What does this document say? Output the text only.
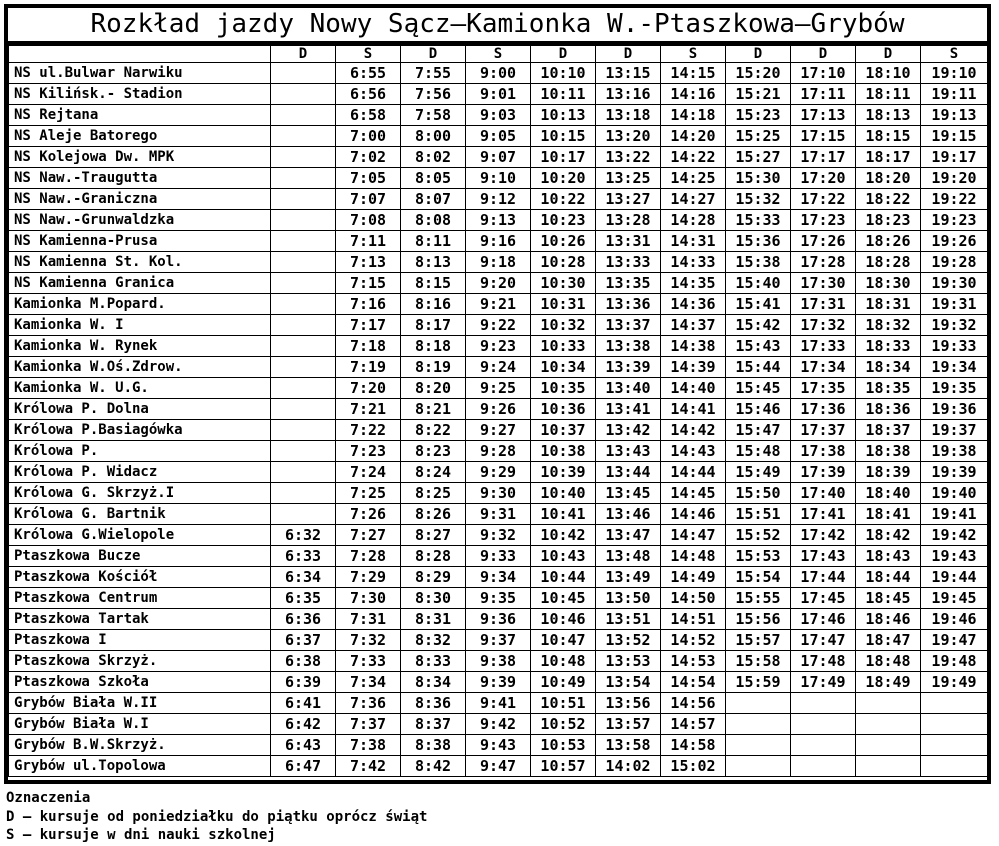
Rozkład jazdy Nowy Sącz–Kamionka W.-Ptaszkowa–Grybów
	D	S	D	S	D	D	S	D	D	D	S
NS ul.Bulwar Narwiku		6:55	7:55	9:00	10:10	13:15	14:15	15:20	17:10	18:10	19:10
NS Kilińsk.- Stadion		6:56	7:56	9:01	10:11	13:16	14:16	15:21	17:11	18:11	19:11
NS Rejtana		6:58	7:58	9:03	10:13	13:18	14:18	15:23	17:13	18:13	19:13
NS Aleje Batorego		7:00	8:00	9:05	10:15	13:20	14:20	15:25	17:15	18:15	19:15
NS Kolejowa Dw. MPK		7:02	8:02	9:07	10:17	13:22	14:22	15:27	17:17	18:17	19:17
NS Naw.-Traugutta		7:05	8:05	9:10	10:20	13:25	14:25	15:30	17:20	18:20	19:20
NS Naw.-Graniczna		7:07	8:07	9:12	10:22	13:27	14:27	15:32	17:22	18:22	19:22
NS Naw.-Grunwaldzka		7:08	8:08	9:13	10:23	13:28	14:28	15:33	17:23	18:23	19:23
NS Kamienna-Prusa		7:11	8:11	9:16	10:26	13:31	14:31	15:36	17:26	18:26	19:26
NS Kamienna St. Kol.		7:13	8:13	9:18	10:28	13:33	14:33	15:38	17:28	18:28	19:28
NS Kamienna Granica		7:15	8:15	9:20	10:30	13:35	14:35	15:40	17:30	18:30	19:30
Kamionka M.Popard.		7:16	8:16	9:21	10:31	13:36	14:36	15:41	17:31	18:31	19:31
Kamionka W. I		7:17	8:17	9:22	10:32	13:37	14:37	15:42	17:32	18:32	19:32
Kamionka W. Rynek		7:18	8:18	9:23	10:33	13:38	14:38	15:43	17:33	18:33	19:33
Kamionka W.Oś.Zdrow.		7:19	8:19	9:24	10:34	13:39	14:39	15:44	17:34	18:34	19:34
Kamionka W. U.G.		7:20	8:20	9:25	10:35	13:40	14:40	15:45	17:35	18:35	19:35
Królowa P. Dolna		7:21	8:21	9:26	10:36	13:41	14:41	15:46	17:36	18:36	19:36
Królowa P.Basiagówka		7:22	8:22	9:27	10:37	13:42	14:42	15:47	17:37	18:37	19:37
Królowa P.		7:23	8:23	9:28	10:38	13:43	14:43	15:48	17:38	18:38	19:38
Królowa P. Widacz		7:24	8:24	9:29	10:39	13:44	14:44	15:49	17:39	18:39	19:39
Królowa G. Skrzyż.I		7:25	8:25	9:30	10:40	13:45	14:45	15:50	17:40	18:40	19:40
Królowa G. Bartnik		7:26	8:26	9:31	10:41	13:46	14:46	15:51	17:41	18:41	19:41
Królowa G.Wielopole	6:32	7:27	8:27	9:32	10:42	13:47	14:47	15:52	17:42	18:42	19:42
Ptaszkowa Bucze	6:33	7:28	8:28	9:33	10:43	13:48	14:48	15:53	17:43	18:43	19:43
Ptaszkowa Kościół	6:34	7:29	8:29	9:34	10:44	13:49	14:49	15:54	17:44	18:44	19:44
Ptaszkowa Centrum	6:35	7:30	8:30	9:35	10:45	13:50	14:50	15:55	17:45	18:45	19:45
Ptaszkowa Tartak	6:36	7:31	8:31	9:36	10:46	13:51	14:51	15:56	17:46	18:46	19:46
Ptaszkowa I	6:37	7:32	8:32	9:37	10:47	13:52	14:52	15:57	17:47	18:47	19:47
Ptaszkowa Skrzyż.	6:38	7:33	8:33	9:38	10:48	13:53	14:53	15:58	17:48	18:48	19:48
Ptaszkowa Szkoła	6:39	7:34	8:34	9:39	10:49	13:54	14:54	15:59	17:49	18:49	19:49
Grybów Biała W.II	6:41	7:36	8:36	9:41	10:51	13:56	14:56				
Grybów Biała W.I	6:42	7:37	8:37	9:42	10:52	13:57	14:57				
Grybów B.W.Skrzyż.	6:43	7:38	8:38	9:43	10:53	13:58	14:58				
Grybów ul.Topolowa	6:47	7:42	8:42	9:47	10:57	14:02	15:02				
Oznaczenia
D – kursuje od poniedziałku do piątku oprócz świąt
S – kursuje w dni nauki szkolnej
